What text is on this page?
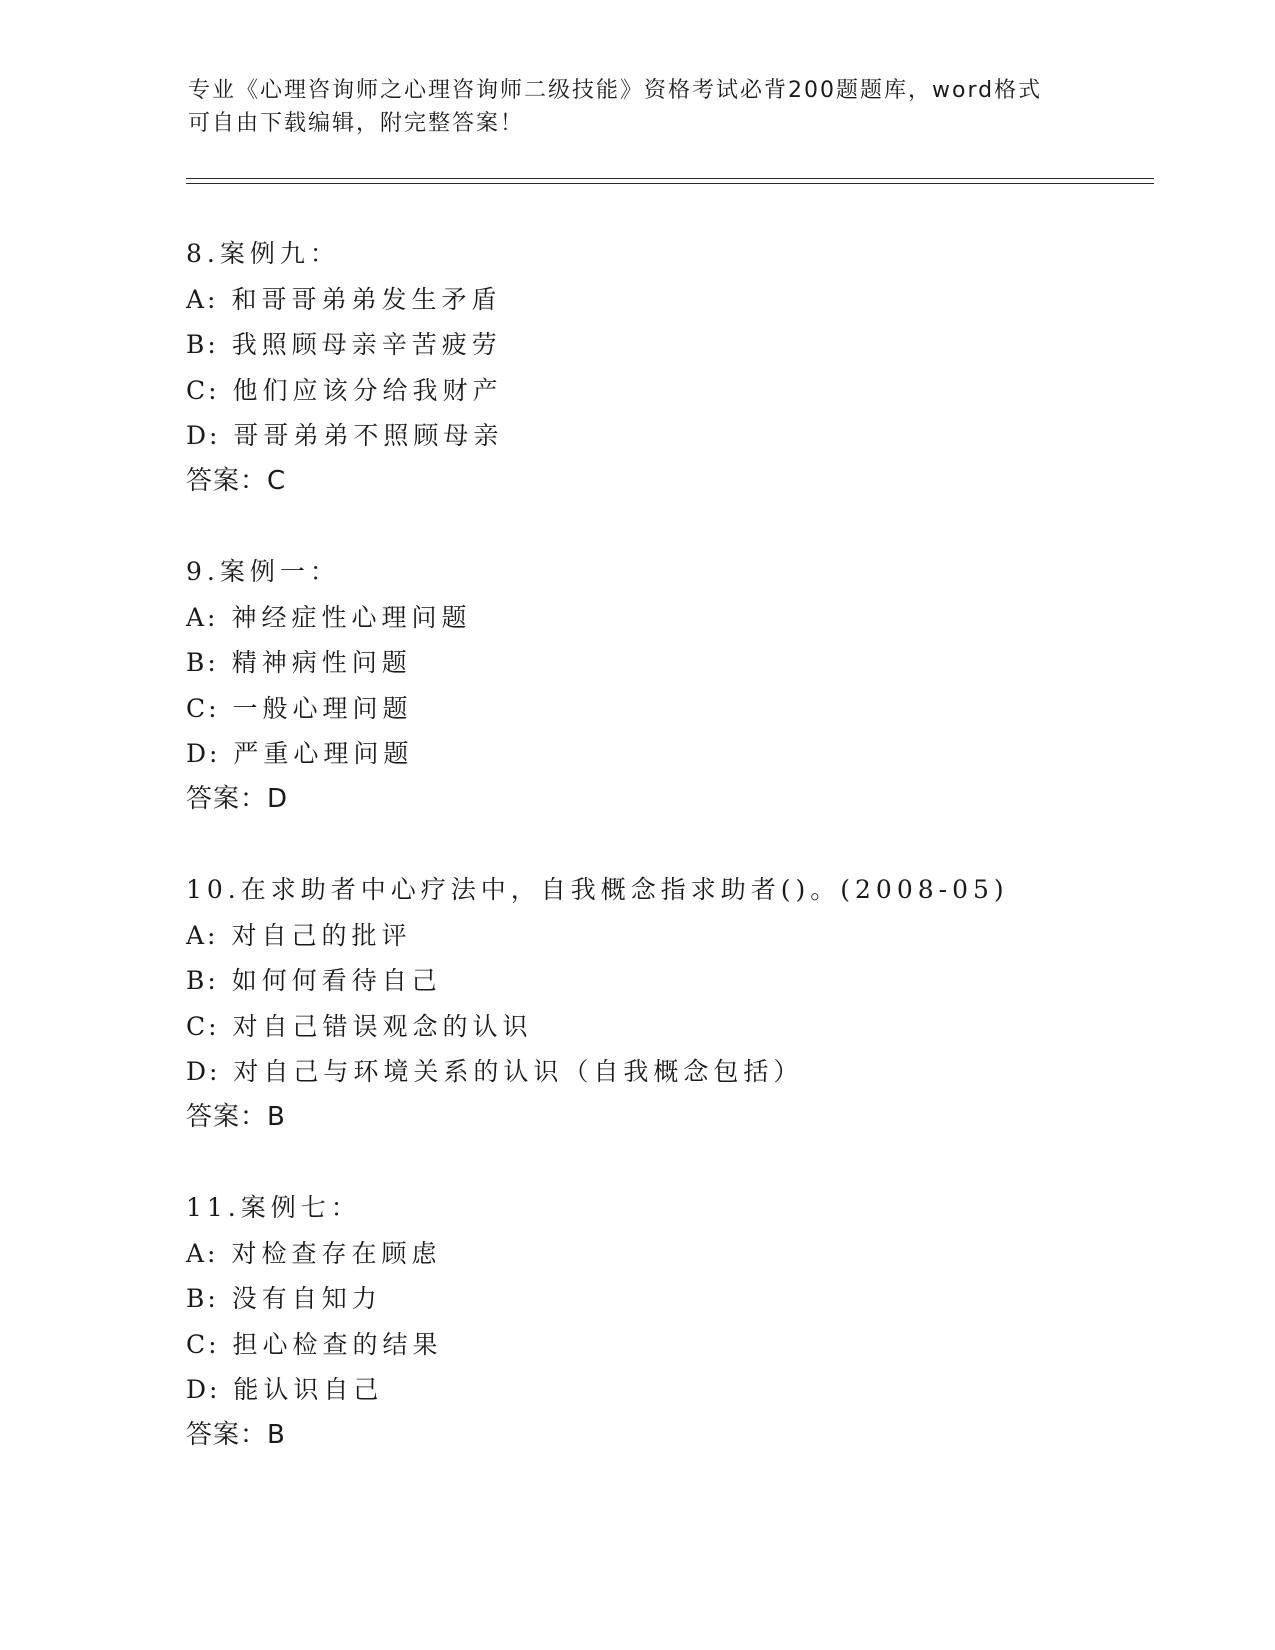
专业《心理咨询师之心理咨询师二级技能》资格考试必背200题题库，word格式

可自由下载编辑，附完整答案！

8.案例九：
A: 和哥哥弟弟发生矛盾
B: 我照顾母亲辛苦疲劳
C: 他们应该分给我财产
D: 哥哥弟弟不照顾母亲
答案：C
9.案例一：
A: 神经症性心理问题
B: 精神病性问题
C: 一般心理问题
D: 严重心理问题
答案：D
10.在求助者中心疗法中，自我概念指求助者()。(2008-05)
A: 对自己的批评
B: 如何何看待自己
C: 对自己错误观念的认识
D: 对自己与环境关系的认识（自我概念包括）
答案：B
11.案例七：
A: 对检查存在顾虑
B: 没有自知力
C: 担心检查的结果
D: 能认识自己
答案：B
